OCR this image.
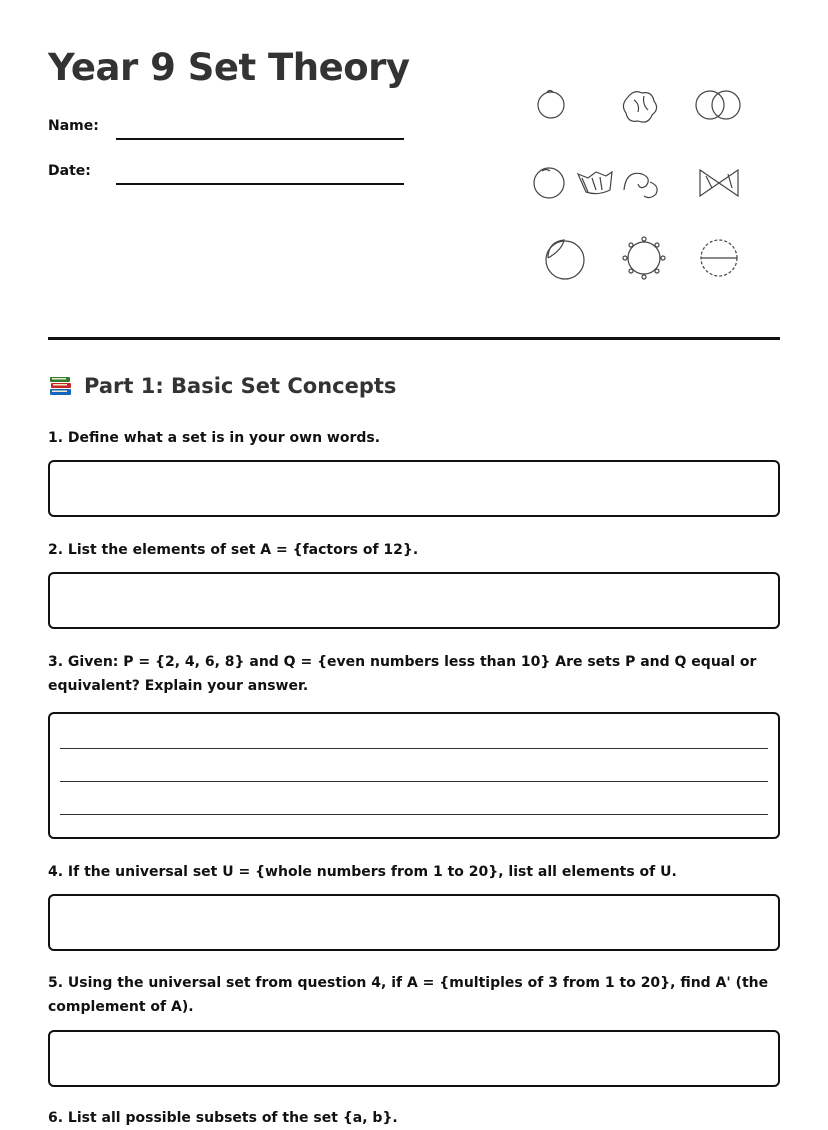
Year 9 Set Theory
Name:
Date:
Part 1: Basic Set Concepts
1. Define what a set is in your own words.
2. List the elements of set A = {factors of 12}.
3. Given: P = {2, 4, 6, 8} and Q = {even numbers less than 10} Are sets P and Q equal or equivalent? Explain your answer.
4. If the universal set U = {whole numbers from 1 to 20}, list all elements of U.
5. Using the universal set from question 4, if A = {multiples of 3 from 1 to 20}, find A' (the complement of A).
6. List all possible subsets of the set {a, b}.
